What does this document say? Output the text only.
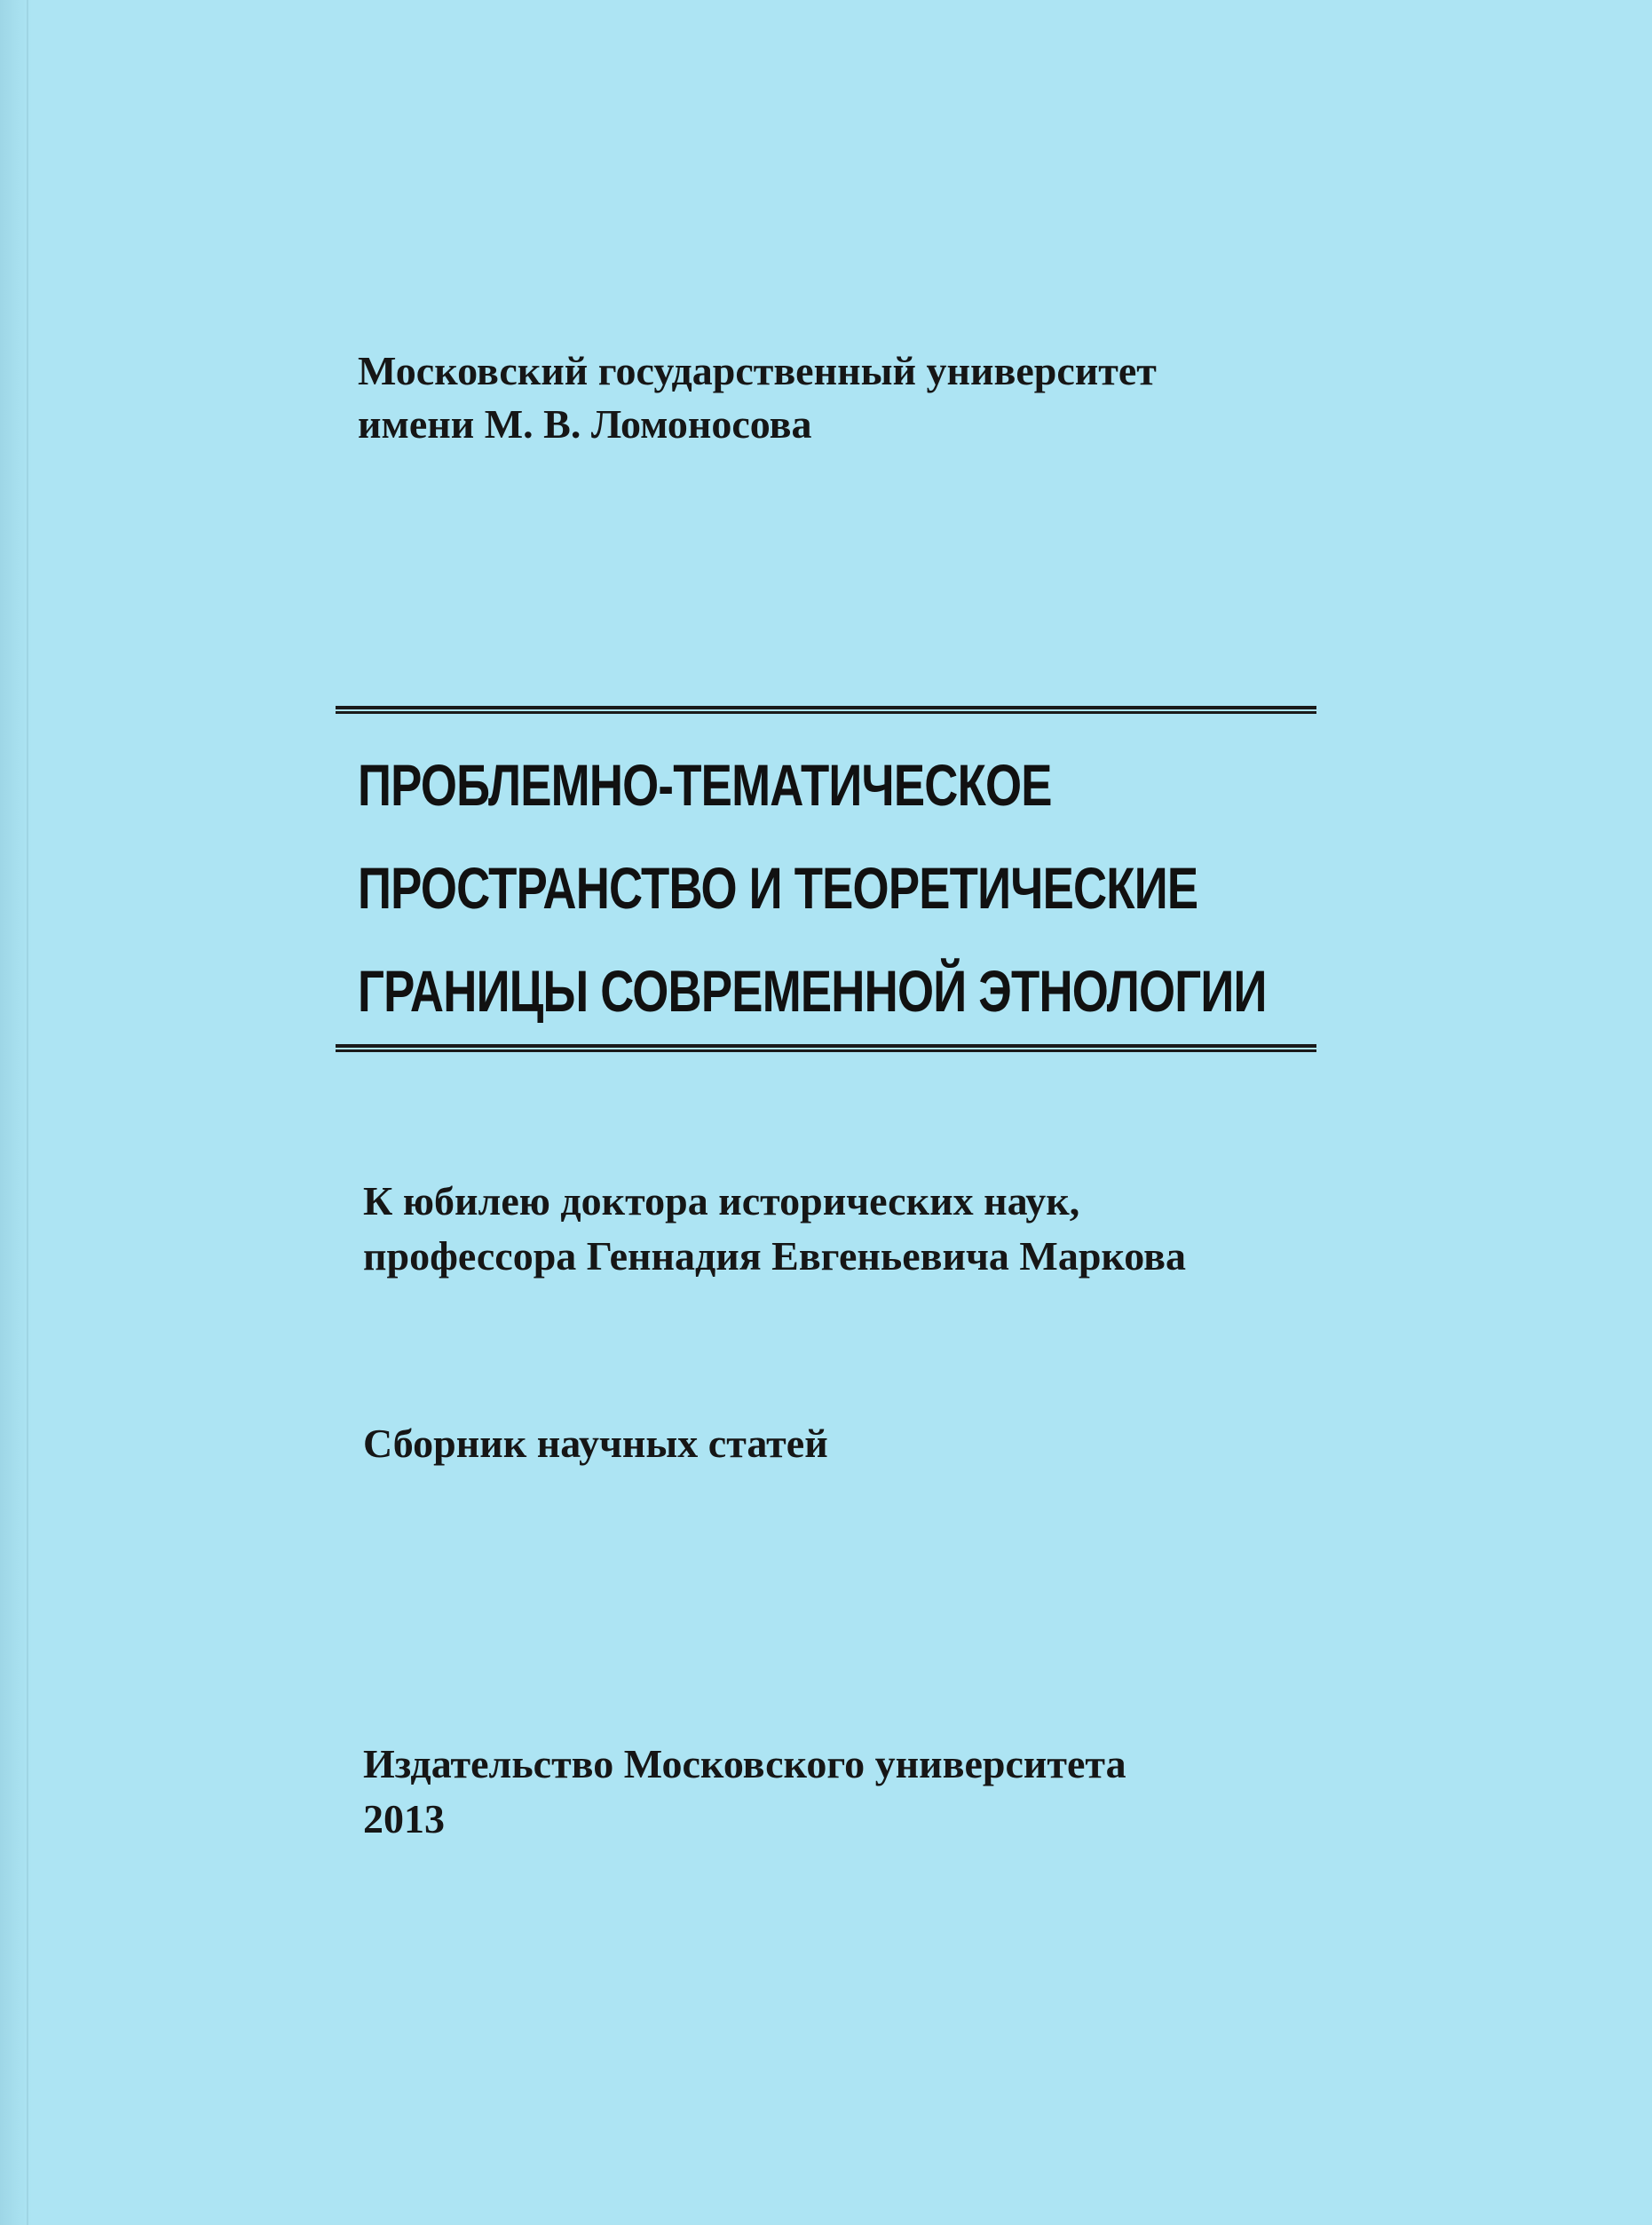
Московский государственный университет
имени М. В. Ломоносова
ПРОБЛЕМНО-ТЕМАТИЧЕСКОЕ
ПРОСТРАНСТВО И ТЕОРЕТИЧЕСКИЕ
ГРАНИЦЫ СОВРЕМЕННОЙ ЭТНОЛОГИИ
К юбилею доктора исторических наук,
профессора Геннадия Евгеньевича Маркова
Сборник научных статей
Издательство Московского университета
2013
